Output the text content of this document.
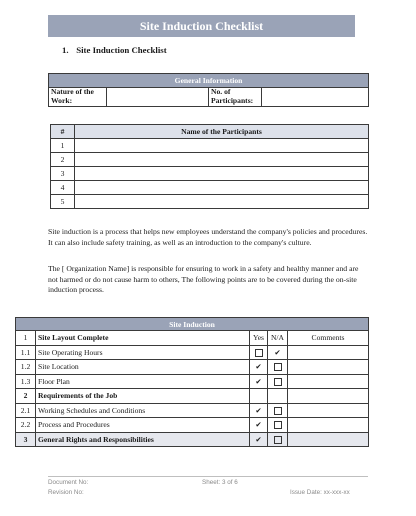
Site Induction Checklist
1. Site Induction Checklist
General Information
Nature of the Work:		No. of Participants:	
#	Name of the Participants
1	
2	
3	
4	
5	

Site induction is a process that helps new employees understand the company's policies and procedures. It can also include safety training, as well as an introduction to the company's culture.

The [ Organization Name] is responsible for ensuring to work in a safety and healthy manner and are not harmed or do not cause harm to others, The following points are to be covered during the on-site induction process.

Site Induction				
1	Site Layout Complete	Yes	N/A	Comments
1.1	Site Operating Hours		✔	
1.2	Site Location	✔		
1.3	Floor Plan	✔		
2	Requirements of the Job			
2.1	Working Schedules and Conditions	✔		
2.2	Process and Procedures	✔		
3	General Rights and Responsibilities	✔		
Document No:
Revision No:
Sheet: 3 of 6
Issue Date: xx-xxx-xx
